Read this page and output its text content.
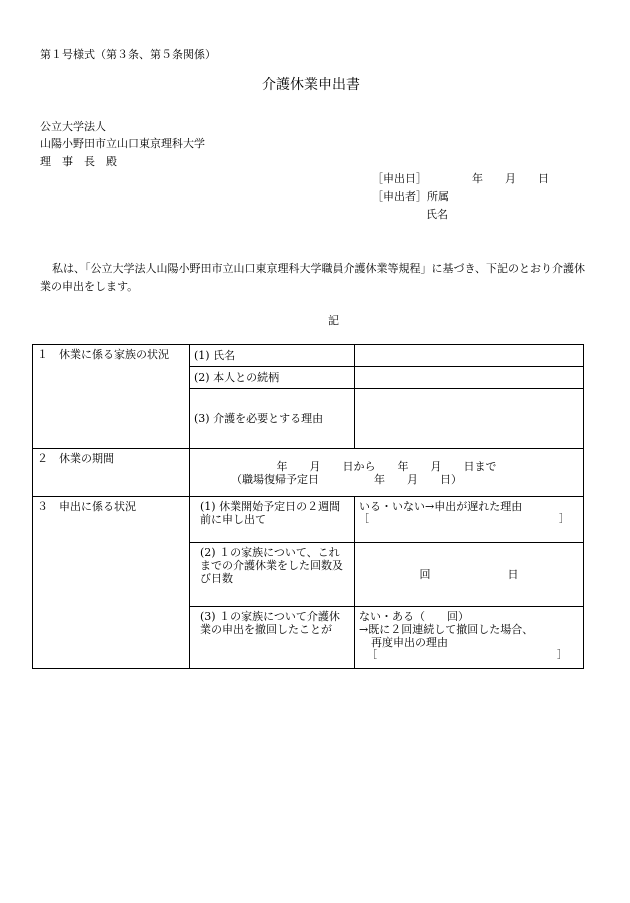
第１号様式（第３条、第５条関係）
介護休業申出書
公立大学法人
山陽小野田市立山口東京理科大学
理　事　長　殿
［申出日］	年　　月　　日
［申出者］所属
氏名
私は、「公立大学法人山陽小野田市立山口東京理科大学職員介護休業等規程」に基づき、下記のとおり介護休業の申出をします。
記
１　休業に係る家族の状況	(1) 氏名	
	(2) 本人との続柄	
	(3) 介護を必要とする理由	
２　休業の期間	年　　月　　日から　　年　　月　　日まで
（職場復帰予定日　　　　　年　　月　　日）	

３　申出に係る状況	(1) 休業開始予定日の２週間前に申し出て	いる・いない→申出が遅れた理由
［　　　　　　　　　　　　　　　　　　　］

	(2) １の家族について、これまでの介護休業をした回数及び日数	回　　　　　　　日
	(3) １の家族について介護休業の申出を撤回したことが	ない・ある（　　回）
→既に２回連続して撤回した場合、
再度申出の理由
［　　　　　　　　　　　　　　　　　　］
